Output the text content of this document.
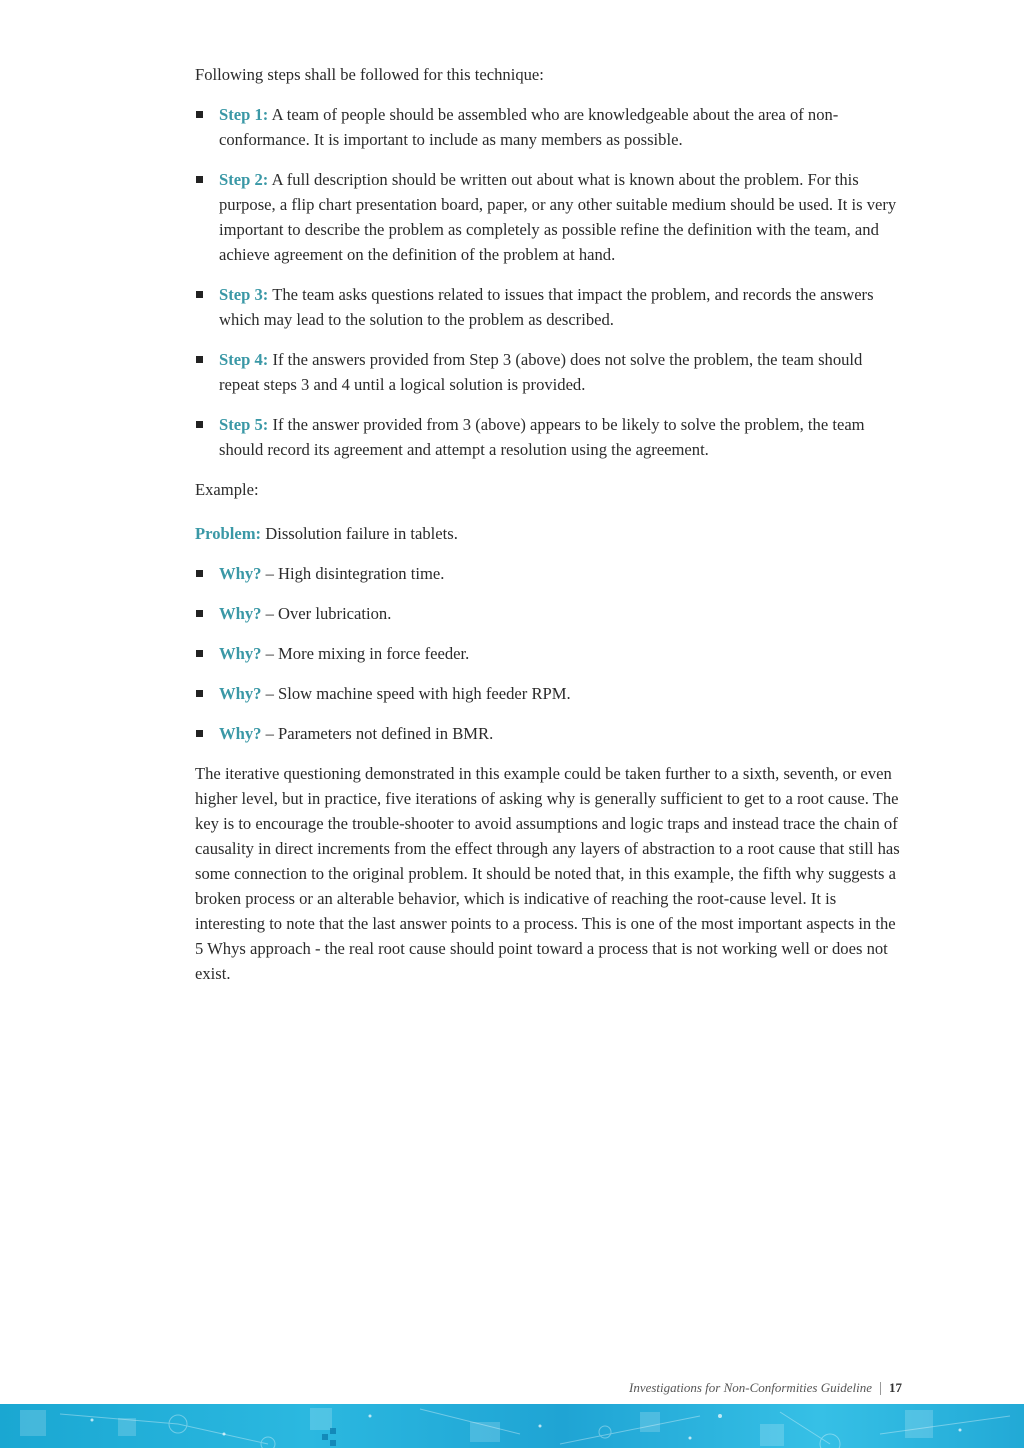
Following steps shall be followed for this technique:

Step 1: A team of people should be assembled who are knowledgeable about the area of non-conformance. It is important to include as many members as possible.
Step 2: A full description should be written out about what is known about the problem. For this purpose, a flip chart presentation board, paper, or any other suitable medium should be used. It is very important to describe the problem as completely as possible refine the definition with the team, and achieve agreement on the definition of the problem at hand.
Step 3: The team asks questions related to issues that impact the problem, and records the answers which may lead to the solution to the problem as described.
Step 4: If the answers provided from Step 3 (above) does not solve the problem, the team should repeat steps 3 and 4 until a logical solution is provided.
Step 5: If the answer provided from 3 (above) appears to be likely to solve the problem, the team should record its agreement and attempt a resolution using the agreement.

Example:

Problem: Dissolution failure in tablets.

Why? – High disintegration time.
Why? – Over lubrication.
Why? – More mixing in force feeder.
Why? – Slow machine speed with high feeder RPM.
Why? – Parameters not defined in BMR.

The iterative questioning demonstrated in this example could be taken further to a sixth, seventh, or even higher level, but in practice, five iterations of asking why is generally sufficient to get to a root cause. The key is to encourage the trouble-shooter to avoid assumptions and logic traps and instead trace the chain of causality in direct increments from the effect through any layers of abstraction to a root cause that still has some connection to the original problem. It should be noted that, in this example, the fifth why suggests a broken process or an alterable behavior, which is indicative of reaching the root-cause level. It is interesting to note that the last answer points to a process. This is one of the most important aspects in the 5 Whys approach - the real root cause should point toward a process that is not working well or does not exist.

Investigations for Non-Conformities Guideline 17
